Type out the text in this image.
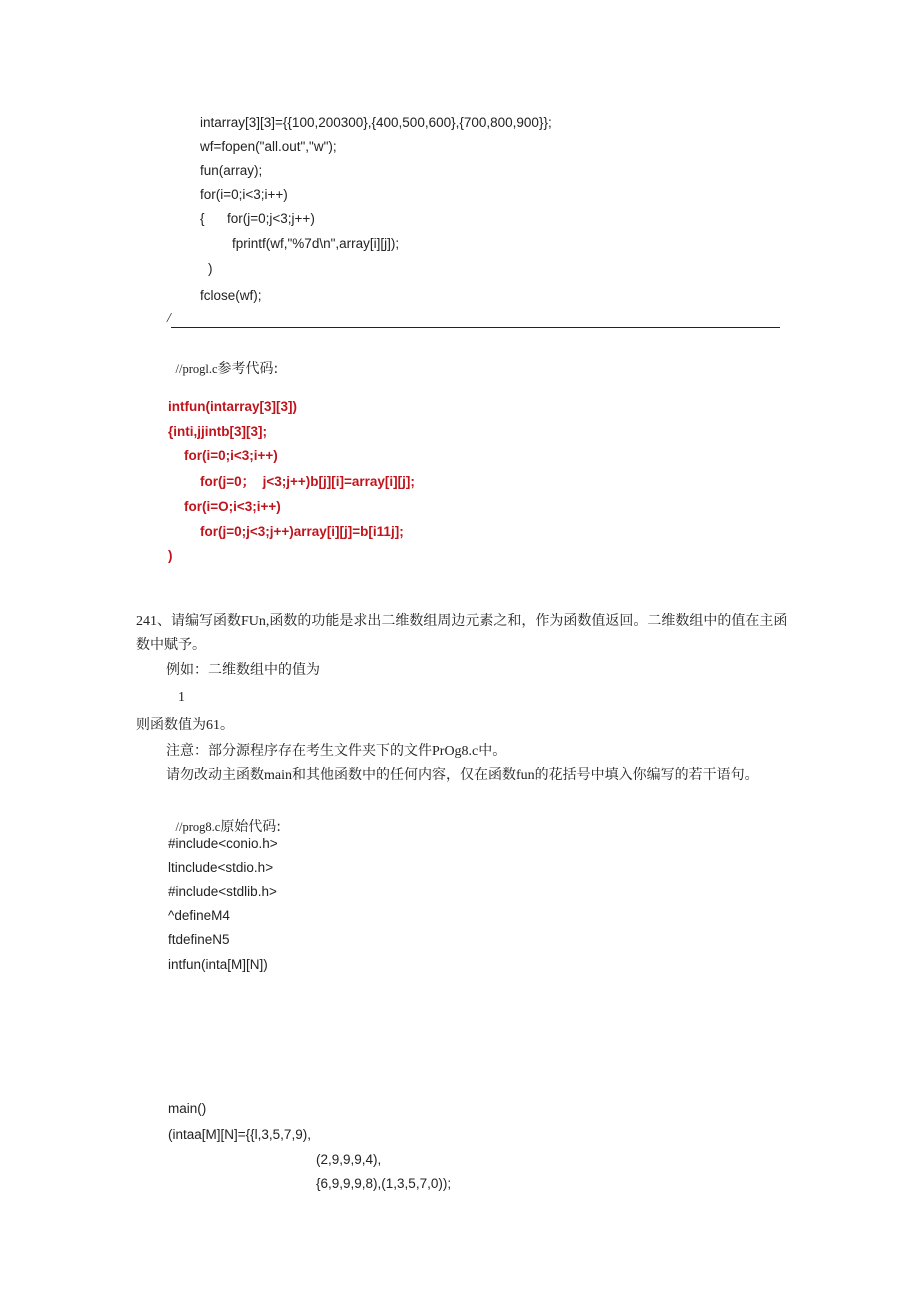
intarray[3][3]={{100,200300},{400,500,600},{700,800,900}};
wf=fopen("all.out","w");
fun(array);
for(i=0;i<3;i++)
{      for(j=0;j<3;j++)
fprintf(wf,"%7d\n",array[i][j]);
)
fclose(wf);
/

//progl.c参考代码:

intfun(intarray[3][3])
{inti,jjintb[3][3];
for(i=0;i<3;i++)
for(j=0；  j<3;j++)b[j][i]=array[i][j];
for(i=O;i<3;i++)
for(j=0;j<3;j++)array[i][j]=b[i11j];
)
241、请编写函数FUn,函数的功能是求出二维数组周边元素之和，作为函数值返回。二维数组中的值在主函
数中赋予。
例如：二维数组中的值为
1
则函数值为61。
注意：部分源程序存在考生文件夹下的文件PrOg8.c中。
请勿改动主函数main和其他函数中的任何内容，仅在函数fun的花括号中填入你编写的若干语句。

//prog8.c原始代码:

#include<conio.h>
ltinclude<stdio.h>
#include<stdlib.h>
^defineM4
ftdefineN5
intfun(inta[M][N])
main()
(intaa[M][N]={{l,3,5,7,9),
(2,9,9,9,4),
{6,9,9,9,8),(1,3,5,7,0));
